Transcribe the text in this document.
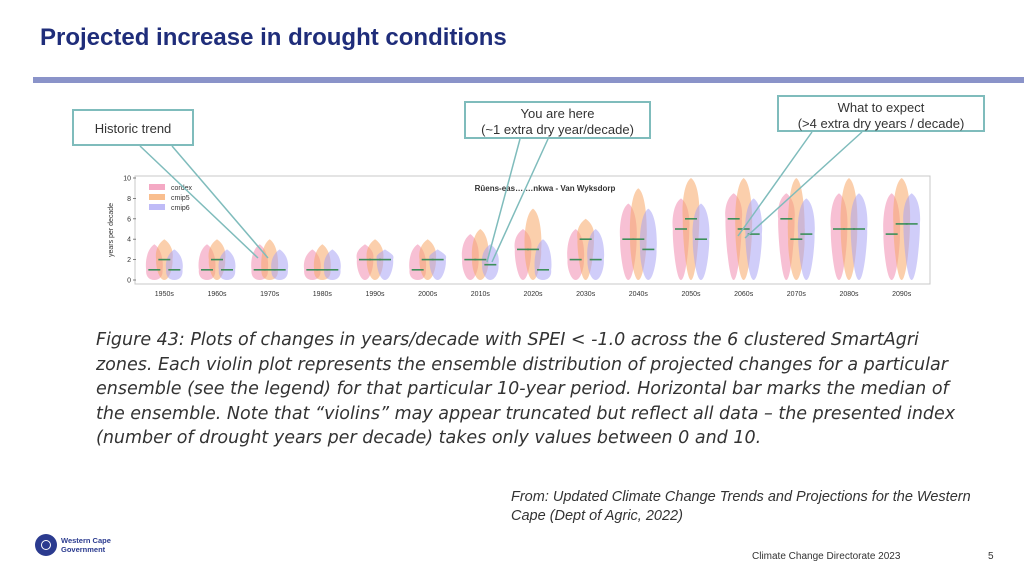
Projected increase in drought conditions
Historic trend
You are here
(~1 extra dry year/decade)
What to expect
(>4 extra dry years / decade)
0
2
4
6
8
10
1950s	1960s	1970s	1980s	1990s	2000s	2010s	2020s	2030s	2040s	2050s	2060s	2070s	2080s	2090s
years per decade
Rûens-eas… …nkwa - Van Wyksdorp
cordex
cmip5
cmip6
Figure 43: Plots of changes in years/decade with SPEI < -1.0 across the 6 clustered SmartAgri zones. Each violin plot represents the ensemble distribution of projected changes for a particular ensemble (see the legend) for that particular 10-year period. Horizontal bar marks the median of the ensemble. Note that “violins” may appear truncated but reflect all data – the presented index (number of drought years per decade) takes only values between 0 and 10.
From: Updated Climate Change Trends and Projections for the Western Cape (Dept of Agric, 2022)
Western Cape
Government
Climate Change Directorate 2023	5
